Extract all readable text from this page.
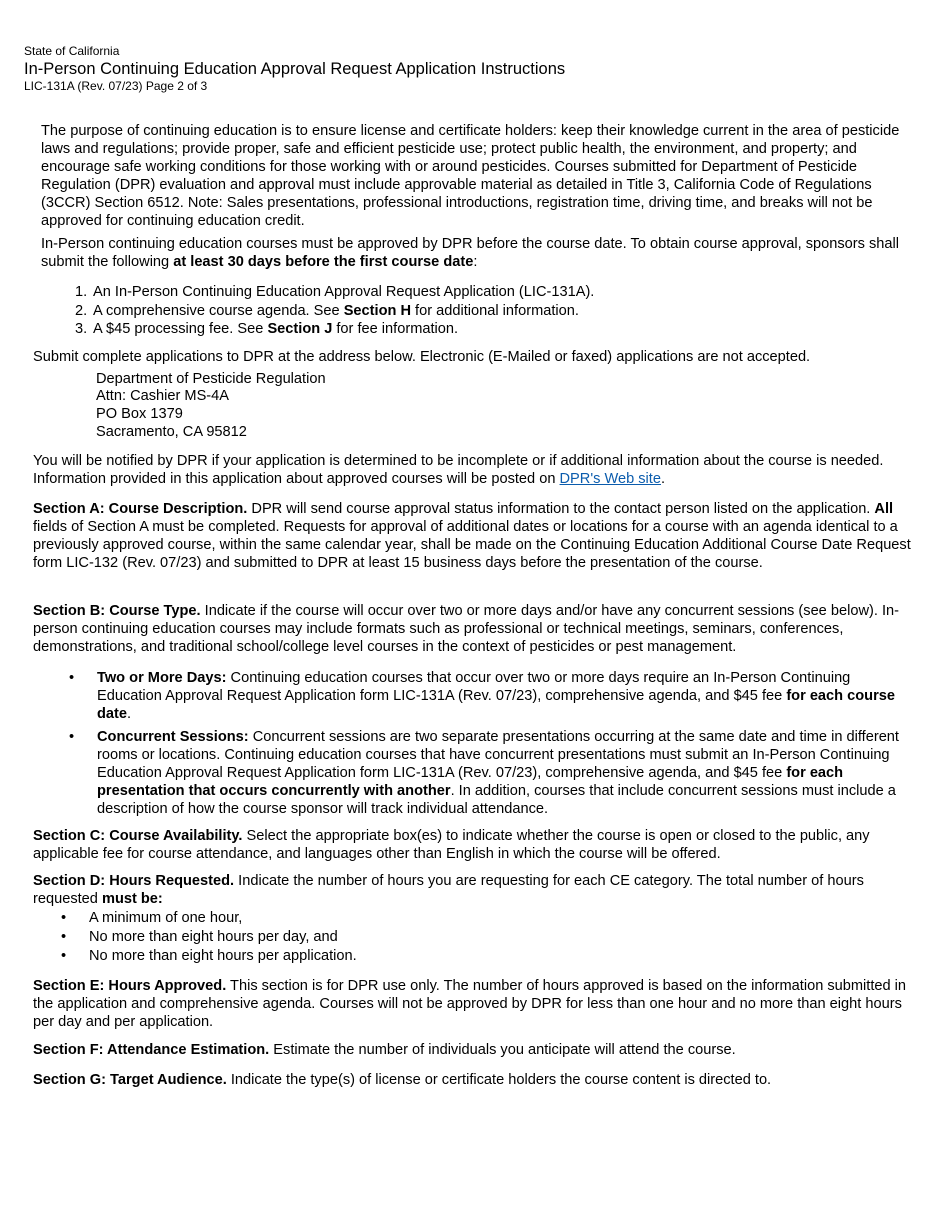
State of California
In-Person Continuing Education Approval Request Application Instructions
LIC-131A (Rev. 07/23) Page 2 of 3
The purpose of continuing education is to ensure license and certificate holders: keep their knowledge current in the area of pesticide laws and regulations; provide proper, safe and efficient pesticide use; protect public health, the environment, and property; and encourage safe working conditions for those working with or around pesticides. Courses submitted for Department of Pesticide Regulation (DPR) evaluation and approval must include approvable material as detailed in Title 3, California Code of Regulations (3CCR) Section 6512. Note: Sales presentations, professional introductions, registration time, driving time, and breaks will not be approved for continuing education credit.
In-Person continuing education courses must be approved by DPR before the course date. To obtain course approval, sponsors shall submit the following at least 30 days before the first course date:
1. An In-Person Continuing Education Approval Request Application (LIC-131A).
2. A comprehensive course agenda. See Section H for additional information.
3. A $45 processing fee. See Section J for fee information.
Submit complete applications to DPR at the address below. Electronic (E-Mailed or faxed) applications are not accepted.
Department of Pesticide Regulation
Attn: Cashier MS-4A
PO Box 1379
Sacramento, CA 95812
You will be notified by DPR if your application is determined to be incomplete or if additional information about the course is needed. Information provided in this application about approved courses will be posted on DPR's Web site.
Section A: Course Description. DPR will send course approval status information to the contact person listed on the application. All fields of Section A must be completed. Requests for approval of additional dates or locations for a course with an agenda identical to a previously approved course, within the same calendar year, shall be made on the Continuing Education Additional Course Date Request form LIC-132 (Rev. 07/23) and submitted to DPR at least 15 business days before the presentation of the course.
Section B: Course Type. Indicate if the course will occur over two or more days and/or have any concurrent sessions (see below). In-person continuing education courses may include formats such as professional or technical meetings, seminars, conferences, demonstrations, and traditional school/college level courses in the context of pesticides or pest management.
• Two or More Days: Continuing education courses that occur over two or more days require an In-Person Continuing Education Approval Request Application form LIC-131A (Rev. 07/23), comprehensive agenda, and $45 fee for each course date.
• Concurrent Sessions: Concurrent sessions are two separate presentations occurring at the same date and time in different rooms or locations. Continuing education courses that have concurrent presentations must submit an In-Person Continuing Education Approval Request Application form LIC-131A (Rev. 07/23), comprehensive agenda, and $45 fee for each presentation that occurs concurrently with another. In addition, courses that include concurrent sessions must include a description of how the course sponsor will track individual attendance.
Section C: Course Availability. Select the appropriate box(es) to indicate whether the course is open or closed to the public, any applicable fee for course attendance, and languages other than English in which the course will be offered.
Section D: Hours Requested. Indicate the number of hours you are requesting for each CE category. The total number of hours requested must be:
• A minimum of one hour,
• No more than eight hours per day, and
• No more than eight hours per application.
Section E: Hours Approved. This section is for DPR use only. The number of hours approved is based on the information submitted in the application and comprehensive agenda. Courses will not be approved by DPR for less than one hour and no more than eight hours per day and per application.
Section F: Attendance Estimation. Estimate the number of individuals you anticipate will attend the course.
Section G: Target Audience. Indicate the type(s) of license or certificate holders the course content is directed to.
